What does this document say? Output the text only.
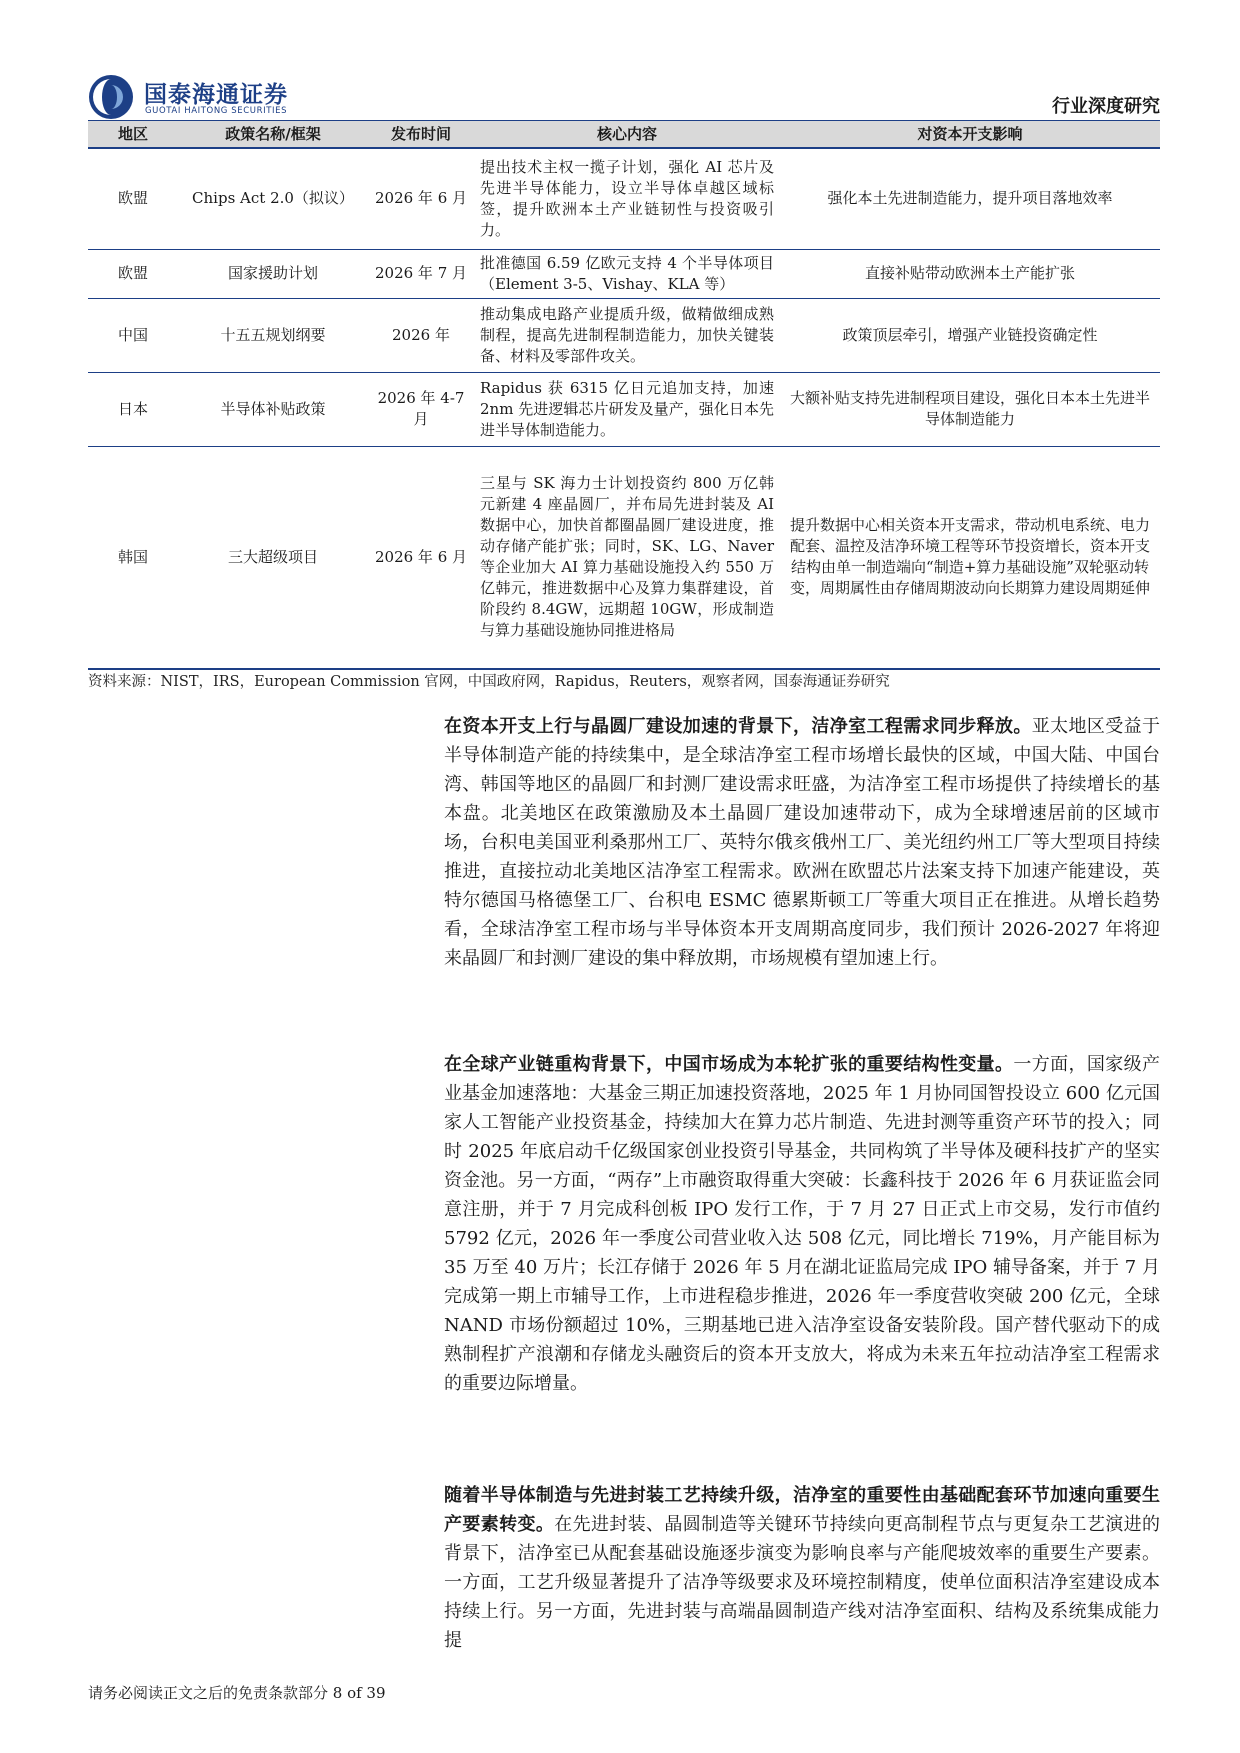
国泰海通证券
GUOTAI HAITONG SECURITIES	行业深度研究
地区	政策名称/框架	发布时间	核心内容	对资本开支影响
欧盟	Chips Act 2.0（拟议）	2026 年 6 月	提出技术主权一揽子计划，强化 AI 芯片及先进半导体能力，设立半导体卓越区域标签，提升欧洲本土产业链韧性与投资吸引力。	强化本土先进制造能力，提升项目落地效率
欧盟	国家援助计划	2026 年 7 月	批准德国 6.59 亿欧元支持 4 个半导体项目（Element 3-5、Vishay、KLA 等）	直接补贴带动欧洲本土产能扩张
中国	十五五规划纲要	2026 年	推动集成电路产业提质升级，做精做细成熟制程，提高先进制程制造能力，加快关键装备、材料及零部件攻关。	政策顶层牵引，增强产业链投资确定性
日本	半导体补贴政策	2026 年 4-7 月	Rapidus 获 6315 亿日元追加支持，加速 2nm 先进逻辑芯片研发及量产，强化日本先进半导体制造能力。	大额补贴支持先进制程项目建设，强化日本本土先进半导体制造能力
韩国	三大超级项目	2026 年 6 月	三星与 SK 海力士计划投资约 800 万亿韩元新建 4 座晶圆厂，并布局先进封装及 AI 数据中心，加快首都圈晶圆厂建设进度，推动存储产能扩张；同时，SK、LG、Naver 等企业加大 AI 算力基础设施投入约 550 万亿韩元，推进数据中心及算力集群建设，首阶段约 8.4GW，远期超 10GW，形成制造与算力基础设施协同推进格局	提升数据中心相关资本开支需求，带动机电系统、电力配套、温控及洁净环境工程等环节投资增长，资本开支结构由单一制造端向“制造+算力基础设施”双轮驱动转变，周期属性由存储周期波动向长期算力建设周期延伸
资料来源：NIST，IRS，European Commission 官网，中国政府网，Rapidus，Reuters，观察者网，国泰海通证券研究
在资本开支上行与晶圆厂建设加速的背景下，洁净室工程需求同步释放。亚太地区受益于半导体制造产能的持续集中，是全球洁净室工程市场增长最快的区域，中国大陆、中国台湾、韩国等地区的晶圆厂和封测厂建设需求旺盛，为洁净室工程市场提供了持续增长的基本盘。北美地区在政策激励及本土晶圆厂建设加速带动下，成为全球增速居前的区域市场，台积电美国亚利桑那州工厂、英特尔俄亥俄州工厂、美光纽约州工厂等大型项目持续推进，直接拉动北美地区洁净室工程需求。欧洲在欧盟芯片法案支持下加速产能建设，英特尔德国马格德堡工厂、台积电 ESMC 德累斯顿工厂等重大项目正在推进。从增长趋势看，全球洁净室工程市场与半导体资本开支周期高度同步，我们预计 2026-2027 年将迎来晶圆厂和封测厂建设的集中释放期，市场规模有望加速上行。
在全球产业链重构背景下，中国市场成为本轮扩张的重要结构性变量。一方面，国家级产业基金加速落地：大基金三期正加速投资落地，2025 年 1 月协同国智投设立 600 亿元国家人工智能产业投资基金，持续加大在算力芯片制造、先进封测等重资产环节的投入；同时 2025 年底启动千亿级国家创业投资引导基金，共同构筑了半导体及硬科技扩产的坚实资金池。另一方面，“两存”上市融资取得重大突破：长鑫科技于 2026 年 6 月获证监会同意注册，并于 7 月完成科创板 IPO 发行工作，于 7 月 27 日正式上市交易，发行市值约 5792 亿元，2026 年一季度公司营业收入达 508 亿元，同比增长 719%，月产能目标为 35 万至 40 万片；长江存储于 2026 年 5 月在湖北证监局完成 IPO 辅导备案，并于 7 月完成第一期上市辅导工作，上市进程稳步推进，2026 年一季度营收突破 200 亿元，全球 NAND 市场份额超过 10%，三期基地已进入洁净室设备安装阶段。国产替代驱动下的成熟制程扩产浪潮和存储龙头融资后的资本开支放大，将成为未来五年拉动洁净室工程需求的重要边际增量。
随着半导体制造与先进封装工艺持续升级，洁净室的重要性由基础配套环节加速向重要生产要素转变。在先进封装、晶圆制造等关键环节持续向更高制程节点与更复杂工艺演进的背景下，洁净室已从配套基础设施逐步演变为影响良率与产能爬坡效率的重要生产要素。一方面，工艺升级显著提升了洁净等级要求及环境控制精度，使单位面积洁净室建设成本持续上行。另一方面，先进封装与高端晶圆制造产线对洁净室面积、结构及系统集成能力提
请务必阅读正文之后的免责条款部分 8 of 39
